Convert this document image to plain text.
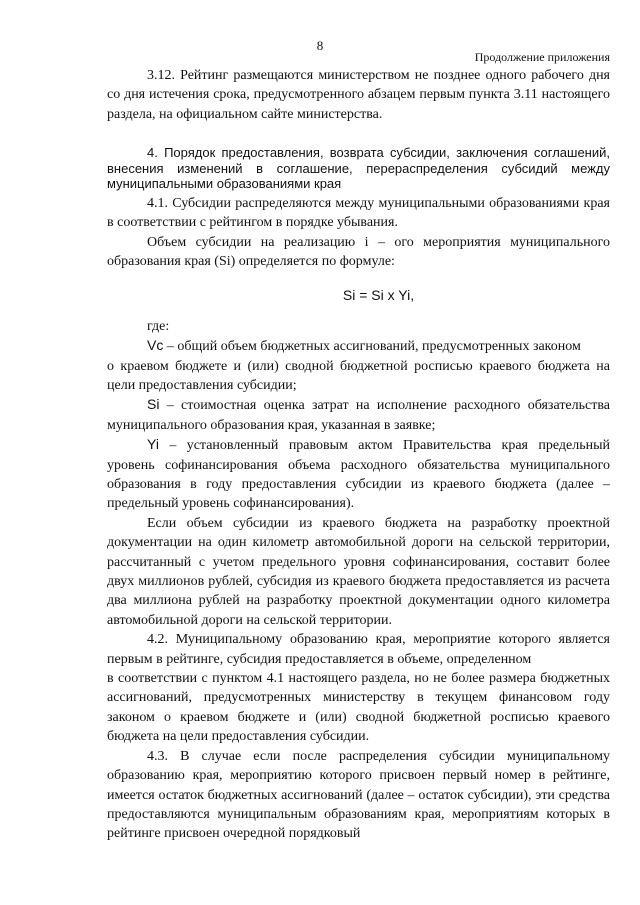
8
Продолжение приложения

3.12. Рейтинг размещаются министерством не позднее одного рабочего дня со дня истечения срока, предусмотренного абзацем первым пункта 3.11 настоящего раздела, на официальном сайте министерства.

4. Порядок предоставления, возврата субсидии, заключения соглашений, внесения изменений в соглашение, перераспределения субсидий между муниципальными образованиями края

4.1. Субсидии распределяются между муниципальными образованиями края в соответствии с рейтингом в порядке убывания.

Объем субсидии на реализацию i – ого мероприятия муниципального образования края (Si) определяется по формуле:

Si = Si x Yi,

где:

Vc – общий объем бюджетных ассигнований, предусмотренных законом

о краевом бюджете и (или) сводной бюджетной росписью краевого бюджета на цели предоставления субсидии;

Si – стоимостная оценка затрат на исполнение расходного обязательства муниципального образования края, указанная в заявке;

Yi – установленный правовым актом Правительства края предельный уровень софинансирования объема расходного обязательства муниципального образования в году предоставления субсидии из краевого бюджета (далее – предельный уровень софинансирования).

Если объем субсидии из краевого бюджета на разработку проектной документации на один километр автомобильной дороги на сельской территории, рассчитанный с учетом предельного уровня софинансирования, составит более двух миллионов рублей, субсидия из краевого бюджета предоставляется из расчета два миллиона рублей на разработку проектной документации одного километра автомобильной дороги на сельской территории.

4.2. Муниципальному образованию края, мероприятие которого является первым в рейтинге, субсидия предоставляется в объеме, определенном

в соответствии с пунктом 4.1 настоящего раздела, но не более размера бюджетных ассигнований, предусмотренных министерству в текущем финансовом году законом о краевом бюджете и (или) сводной бюджетной росписью краевого бюджета на цели предоставления субсидии.

4.3. В случае если после распределения субсидии муниципальному образованию края, мероприятию которого присвоен первый номер в рейтинге, имеется остаток бюджетных ассигнований (далее – остаток субсидии), эти средства предоставляются муниципальным образованиям края, мероприятиям которых в рейтинге присвоен очередной порядковый
